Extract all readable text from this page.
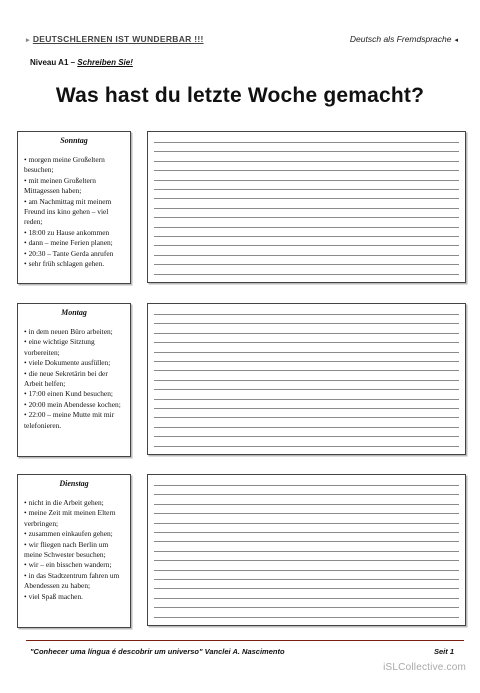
▸ DEUTSCHLERNEN IST WUNDERBAR !!!	Deutsch als Fremdsprache ◂
Niveau A1 – Schreiben Sie!
Was hast du letzte Woche gemacht?
Sonntag
• morgen meine Großeltern besuchen;
• mit meinen Großeltern Mittagessen haben;
• am Nachmittag mit meinem Freund ins kino gehen – viel reden;
• 18:00 zu Hause ankommen
• dann – meine Ferien planen;
• 20:30 – Tante Gerda anrufen
• sehr früh schlagen gehen.
Montag
• in dem neuen Büro arbeiten;
• eine wichtige Sitztung vorbereiten;
• viele Dokumente ausfüllen;
• die neue Sekretärin bei der Arbeit helfen;
• 17:00 einen Kund besuchen;
• 20:00 mein Abendesse kochen;
• 22:00 – meine Mutte mit mir telefonieren.
Dienstag
• nicht in die Arbeit gehen;
• meine Zeit mit meinen Eltern verbringen;
• zusammen einkaufen gehen;
• wir fliegen nach Berlin um meine Schwester besuchen;
• wir – ein bisschen wandern;
• in das Stadtzentrum fahren um Abendessen zu haben;
• viel Spaß machen.
"Conhecer uma língua é descobrir um universo" Vanclei A. Nascimento	Seit 1
iSLCollective.com
